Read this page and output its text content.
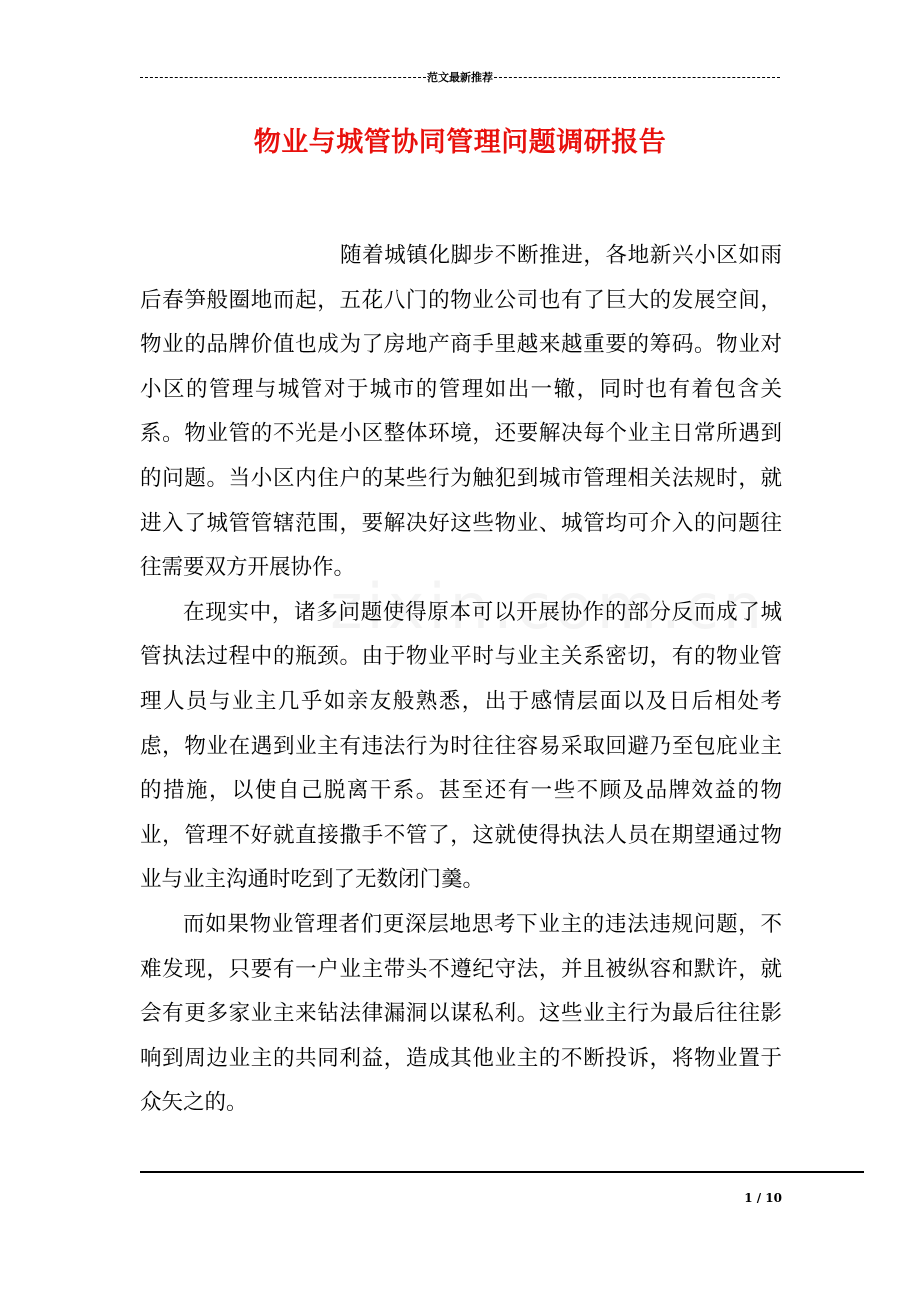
范文最新推荐
物业与城管协同管理问题调研报告

随着城镇化脚步不断推进，各地新兴小区如雨后春笋般圈地而起，五花八门的物业公司也有了巨大的发展空间，物业的品牌价值也成为了房地产商手里越来越重要的筹码。物业对小区的管理与城管对于城市的管理如出一辙，同时也有着包含关系。物业管的不光是小区整体环境，还要解决每个业主日常所遇到的问题。当小区内住户的某些行为触犯到城市管理相关法规时，就进入了城管管辖范围，要解决好这些物业、城管均可介入的问题往往需要双方开展协作。

在现实中，诸多问题使得原本可以开展协作的部分反而成了城管执法过程中的瓶颈。由于物业平时与业主关系密切，有的物业管理人员与业主几乎如亲友般熟悉，出于感情层面以及日后相处考虑，物业在遇到业主有违法行为时往往容易采取回避乃至包庇业主的措施，以使自己脱离干系。甚至还有一些不顾及品牌效益的物业，管理不好就直接撒手不管了，这就使得执法人员在期望通过物业与业主沟通时吃到了无数闭门羹。

而如果物业管理者们更深层地思考下业主的违法违规问题，不难发现，只要有一户业主带头不遵纪守法，并且被纵容和默许，就会有更多家业主来钻法律漏洞以谋私利。这些业主行为最后往往影响到周边业主的共同利益，造成其他业主的不断投诉，将物业置于众矢之的。

1 / 10
